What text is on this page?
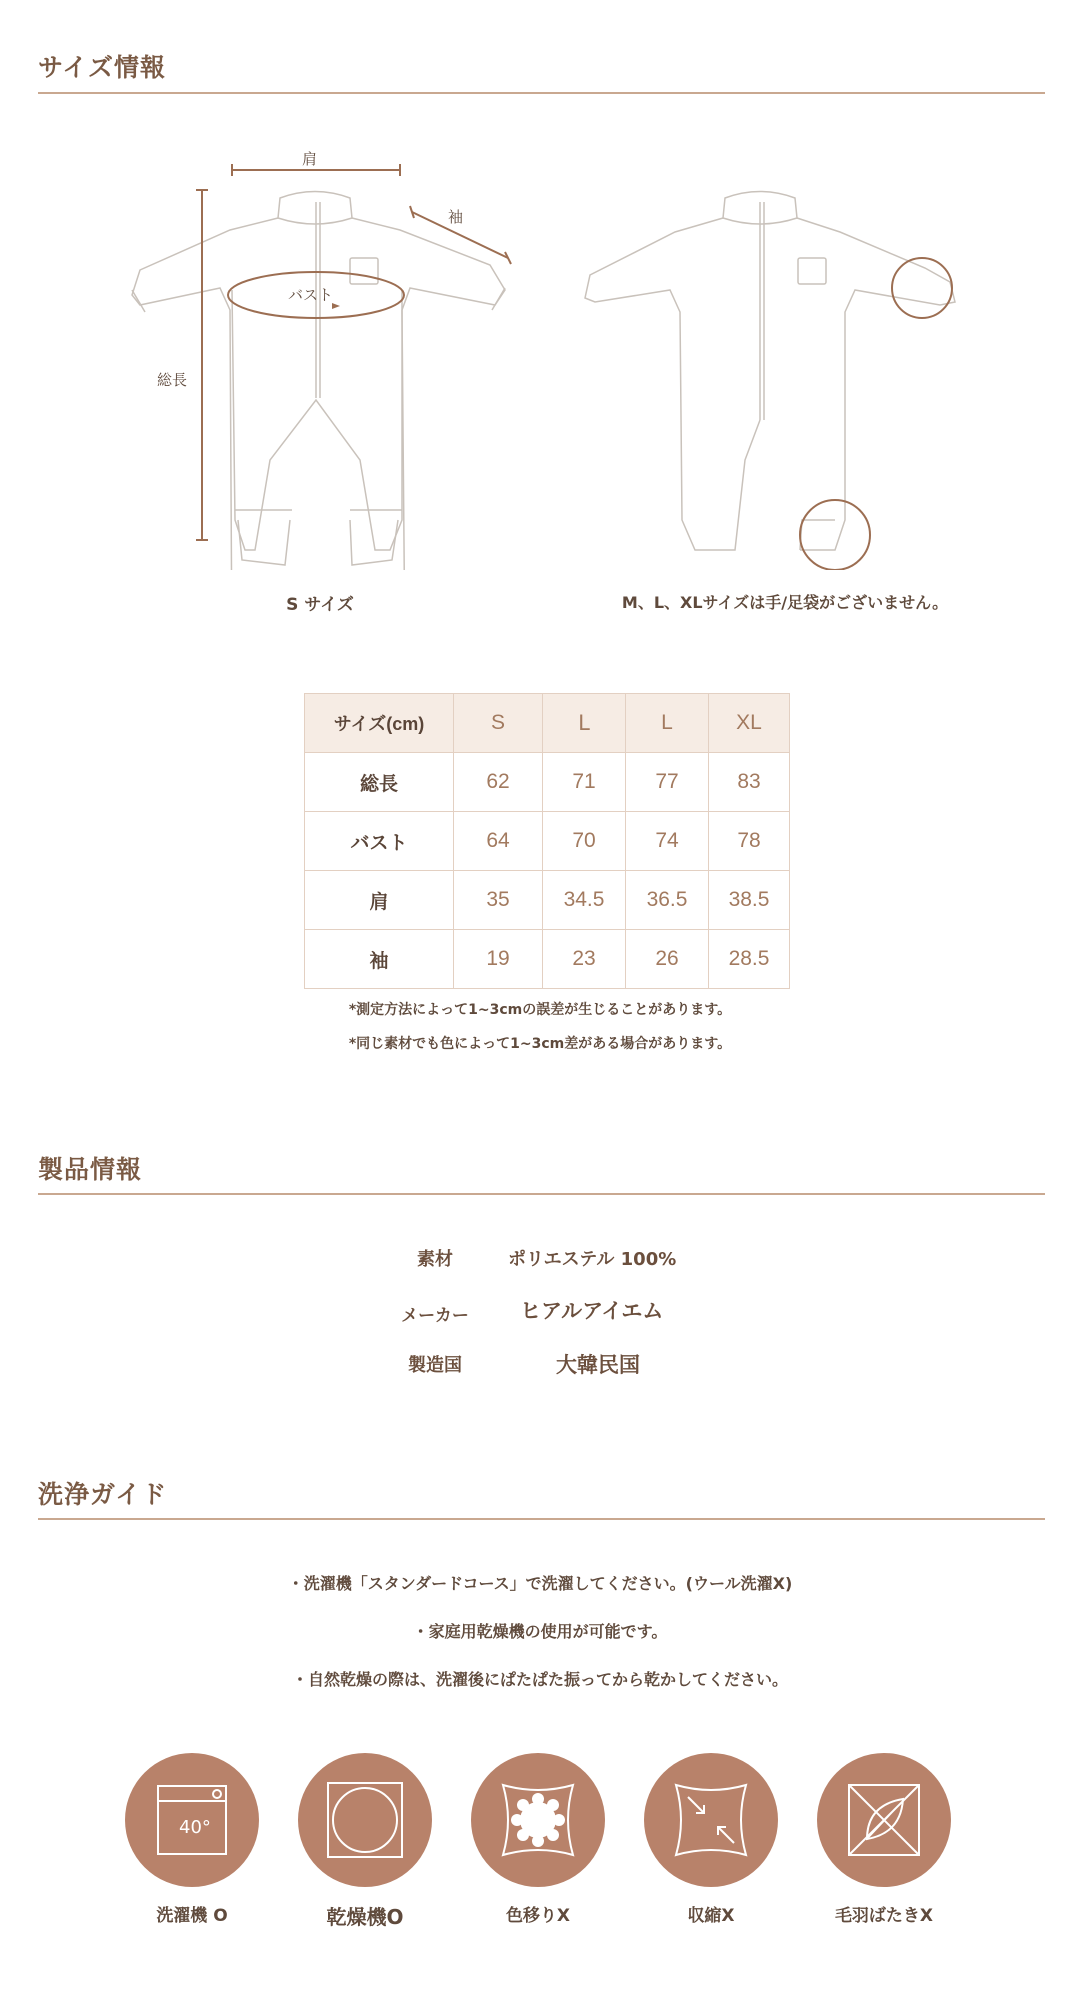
サイズ情報
肩
袖
バスト
総長
S サイズ	M、L、XLサイズは手/足袋がございません。
サイズ(cm)	S	ᒪ	L	XL
総長	62	71	77	83
バスト	64	70	74	78
肩	35	34.5	36.5	38.5
袖	19	23	26	28.5
*測定方法によって1~3cmの誤差が生じることがあります。
*同じ素材でも色によって1~3cm差がある場合があります。
製品情報
素材	ポリエステル 100%
メーカー	ヒアルアイエム
製造国	大韓民国
洗浄ガイド
・洗濯機「スタンダードコース」で洗濯してください。(ウール洗濯X)
・家庭用乾燥機の使用が可能です。
・自然乾燥の際は、洗濯後にぱたぱた振ってから乾かしてください。
40°
洗濯機 O	乾燥機O	色移りX	収縮X	毛羽ばたきX
